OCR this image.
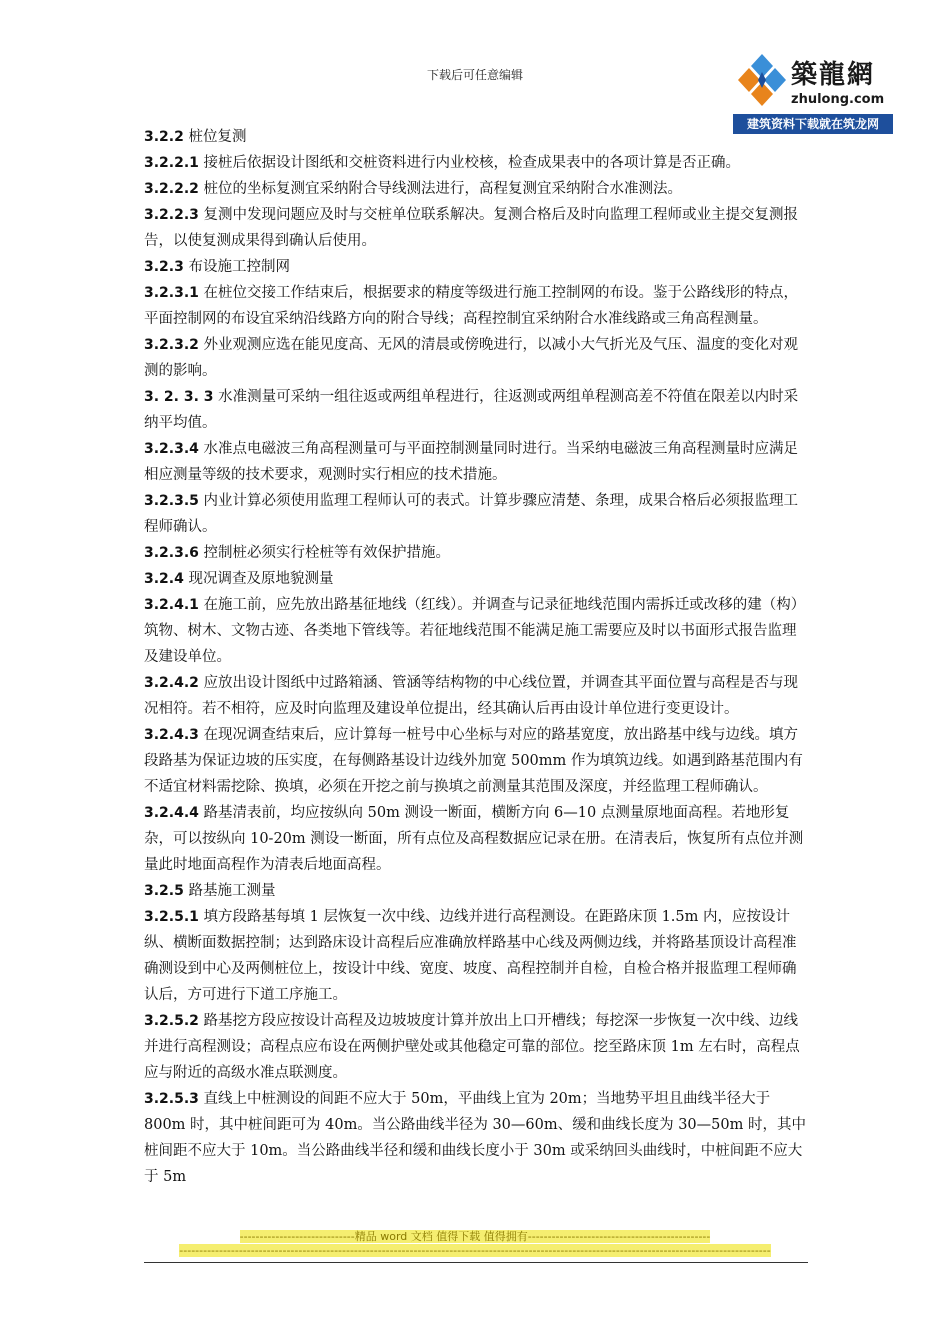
下载后可任意编辑	築龍網
zhulong.com
建筑资料下载就在筑龙网

3.2.2 桩位复测

3.2.2.1 接桩后依据设计图纸和交桩资料进行内业校核，检查成果表中的各项计算是否正确。

3.2.2.2 桩位的坐标复测宜采纳附合导线测法进行，高程复测宜采纳附合水准测法。

3.2.2.3 复测中发现问题应及时与交桩单位联系解决。复测合格后及时向监理工程师或业主提交复测报告，以使复测成果得到确认后使用。

3.2.3 布设施工控制网

3.2.3.1 在桩位交接工作结束后，根据要求的精度等级进行施工控制网的布设。鉴于公路线形的特点，平面控制网的布设宜采纳沿线路方向的附合导线；高程控制宜采纳附合水准线路或三角高程测量。

3.2.3.2 外业观测应选在能见度高、无风的清晨或傍晚进行，以减小大气折光及气压、温度的变化对观测的影响。

3. 2. 3. 3 水准测量可采纳一组往返或两组单程进行，往返测或两组单程测高差不符值在限差以内时采纳平均值。

3.2.3.4 水准点电磁波三角高程测量可与平面控制测量同时进行。当采纳电磁波三角高程测量时应满足相应测量等级的技术要求，观测时实行相应的技术措施。

3.2.3.5 内业计算必须使用监理工程师认可的表式。计算步骤应清楚、条理，成果合格后必须报监理工程师确认。

3.2.3.6 控制桩必须实行栓桩等有效保护措施。

3.2.4 现况调查及原地貌测量

3.2.4.1 在施工前，应先放出路基征地线（红线）。并调查与记录征地线范围内需拆迁或改移的建（构）筑物、树木、文物古迹、各类地下管线等。若征地线范围不能满足施工需要应及时以书面形式报告监理及建设单位。

3.2.4.2 应放出设计图纸中过路箱涵、管涵等结构物的中心线位置，并调查其平面位置与高程是否与现况相符。若不相符，应及时向监理及建设单位提出，经其确认后再由设计单位进行变更设计。

3.2.4.3 在现况调查结束后，应计算每一桩号中心坐标与对应的路基宽度，放出路基中线与边线。填方段路基为保证边坡的压实度，在每侧路基设计边线外加宽 500mm 作为填筑边线。如遇到路基范围内有不适宜材料需挖除、换填，必须在开挖之前与换填之前测量其范围及深度，并经监理工程师确认。

3.2.4.4 路基清表前，均应按纵向 50m 测设一断面，横断方向 6—10 点测量原地面高程。若地形复杂，可以按纵向 10-20m 测设一断面，所有点位及高程数据应记录在册。在清表后，恢复所有点位并测量此时地面高程作为清表后地面高程。

3.2.5 路基施工测量

3.2.5.1 填方段路基每填 1 层恢复一次中线、边线并进行高程测设。在距路床顶 1.5m 内，应按设计纵、横断面数据控制；达到路床设计高程后应准确放样路基中心线及两侧边线，并将路基顶设计高程准确测设到中心及两侧桩位上，按设计中线、宽度、坡度、高程控制并自检，自检合格并报监理工程师确认后，方可进行下道工序施工。

3.2.5.2 路基挖方段应按设计高程及边坡坡度计算并放出上口开槽线；每挖深一步恢复一次中线、边线并进行高程测设；高程点应布设在两侧护壁处或其他稳定可靠的部位。挖至路床顶 1m 左右时，高程点应与附近的高级水准点联测度。

3.2.5.3 直线上中桩测设的间距不应大于 50m，平曲线上宜为 20m；当地势平坦且曲线半径大于 800m 时，其中桩间距可为 40m。当公路曲线半径为 30—60m、缓和曲线长度为 30—50m 时，其中桩间距不应大于 10m。当公路曲线半径和缓和曲线长度小于 30m 或采纳回头曲线时，中桩间距不应大于 5m

-----------------------------精品 word 文档 值得下载 值得拥有----------------------------------------------
-----------------------------------------------------------------------------------------------------------------------------------------------------
